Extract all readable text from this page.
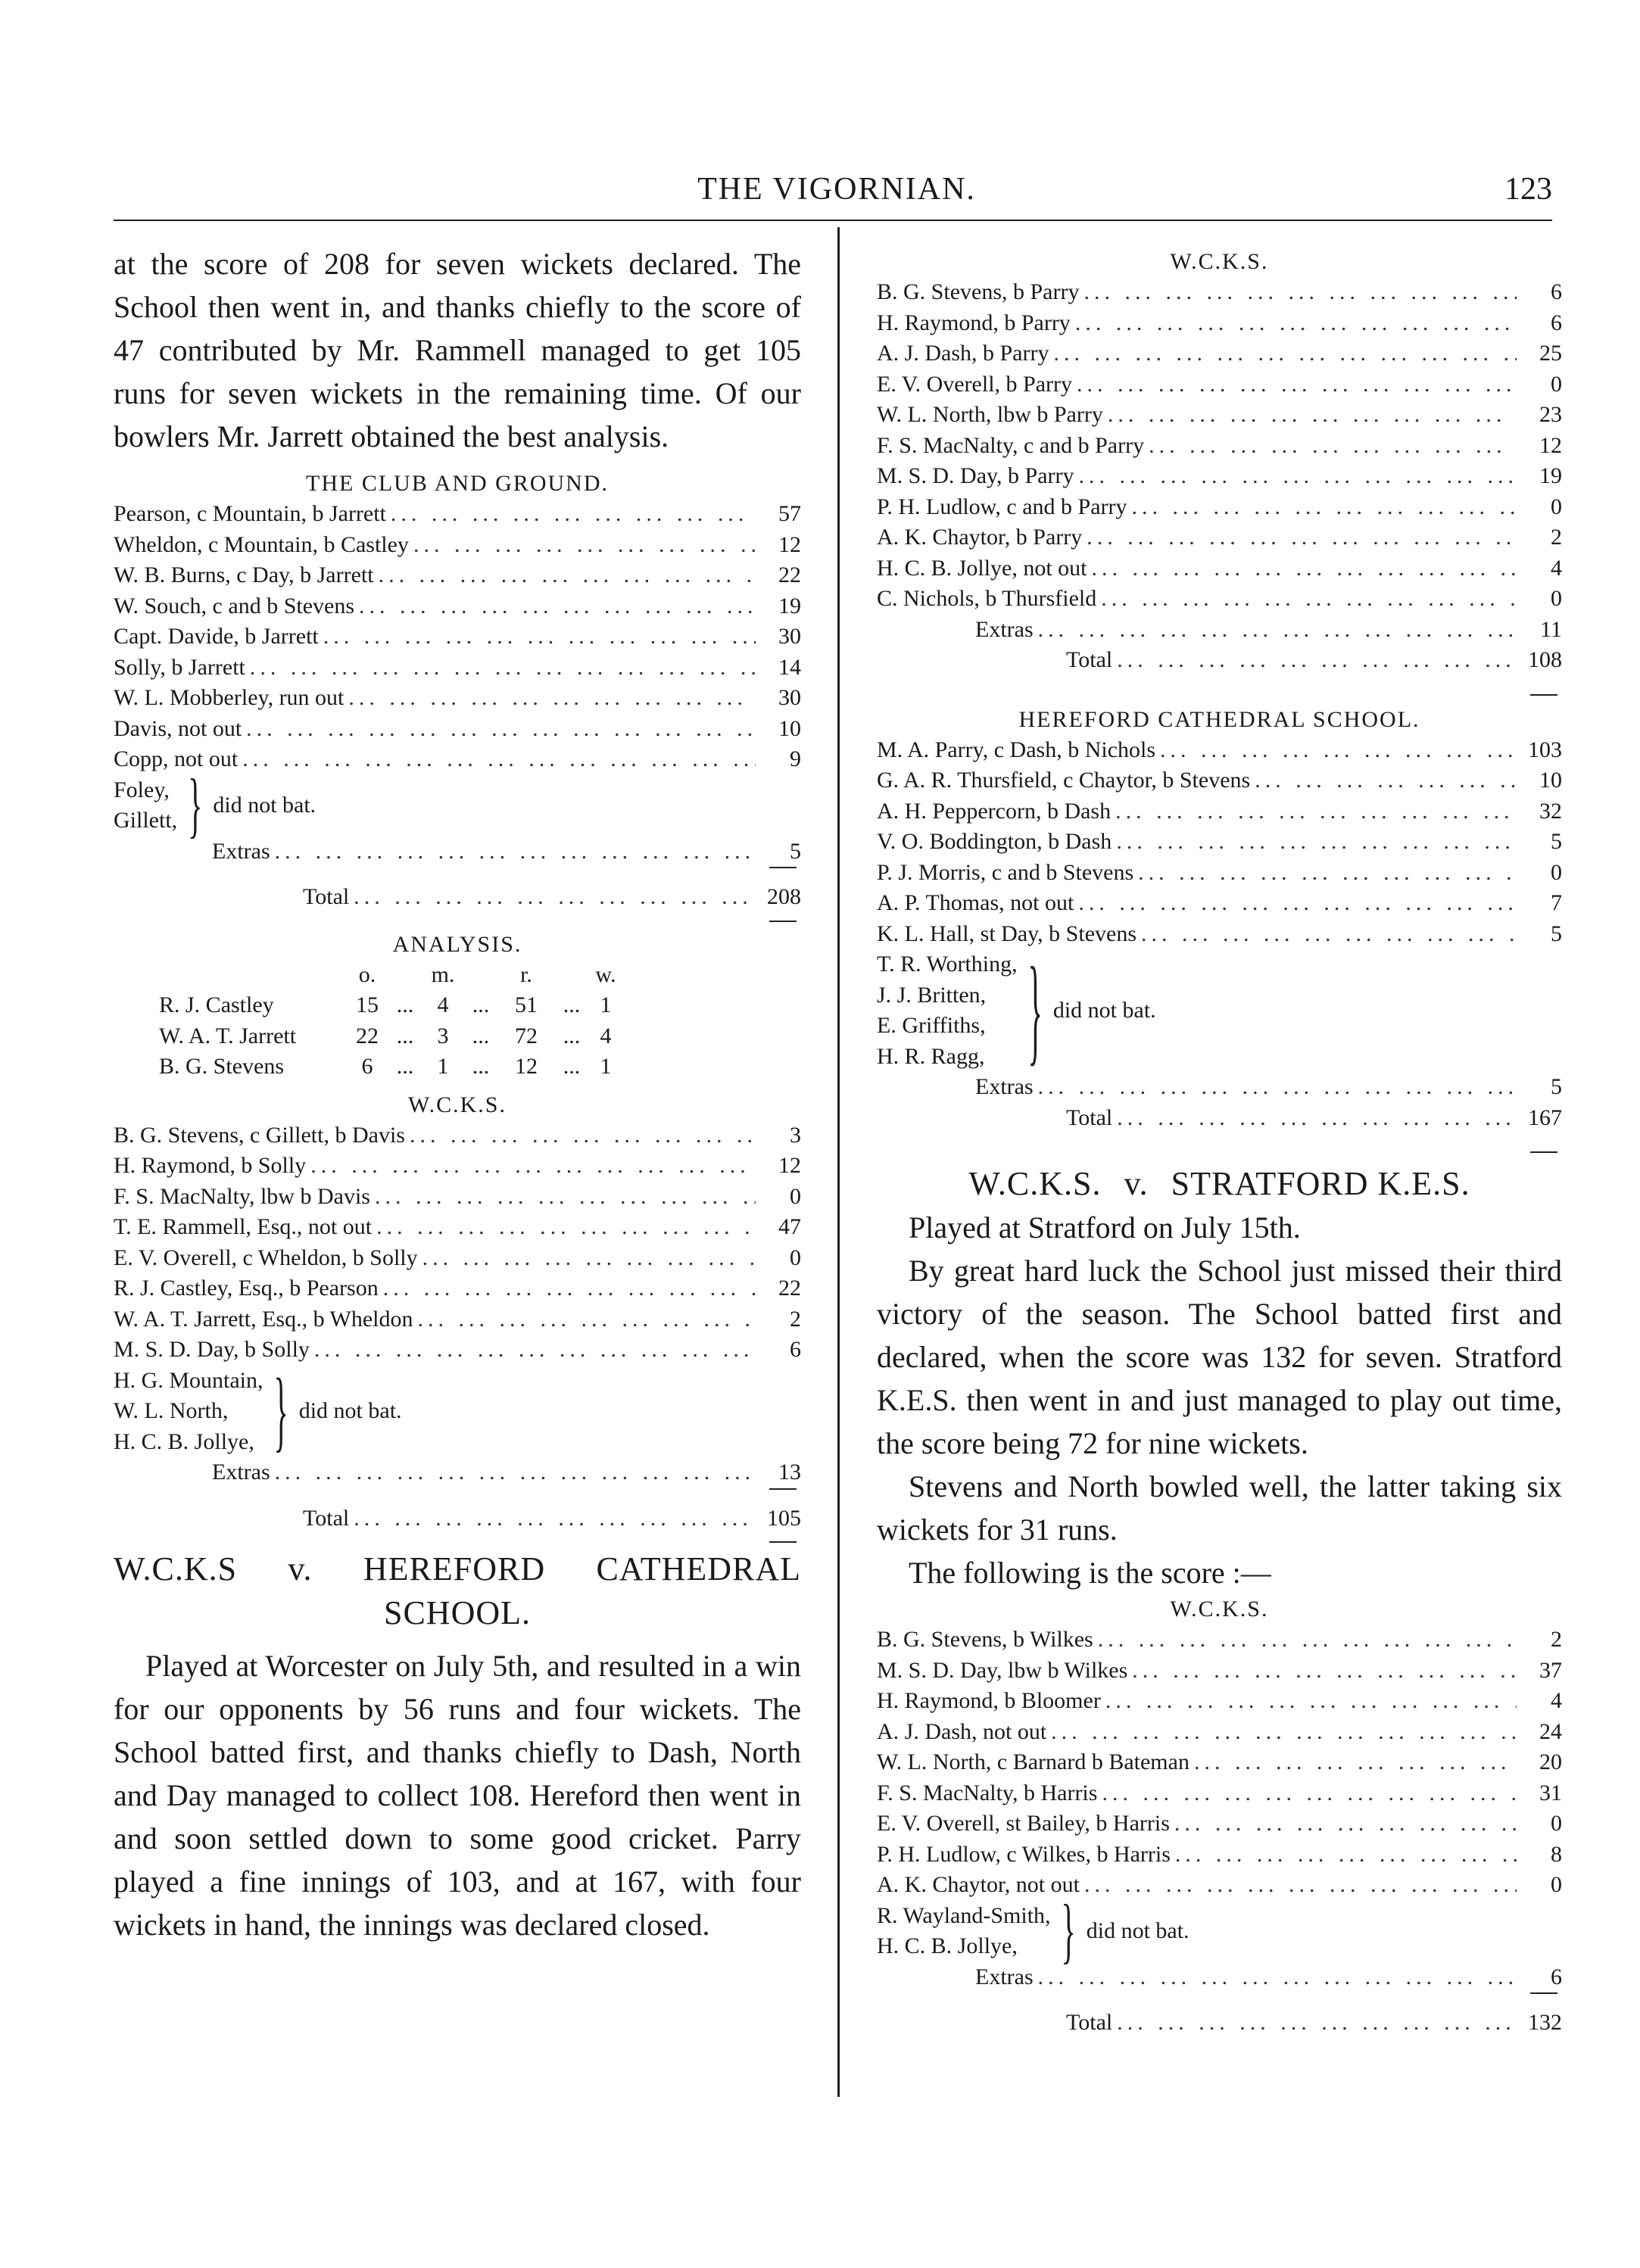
THE VIGORNIAN.	123

at the score of 208 for seven wickets declared. The School then went in, and thanks chiefly to the score of 47 contributed by Mr. Rammell managed to get 105 runs for seven wickets in the remaining time. Of our bowlers Mr. Jarrett obtained the best analysis.

THE CLUB AND GROUND.

Pearson, c Mountain, b Jarrett ... .	57
Wheldon, c Mountain, b Castley ... .	12
W. B. Burns, c Day, b Jarrett ... .	22
W. Souch, c and b Stevens ... .	19
Capt. Davide, b Jarrett ... .	30
Solly, b Jarrett ... .	14
W. L. Mobberley, run out ... .	30
Davis, not out ... .	10
Copp, not out ... .	9
Foley,
Gillett, } did not bat.
Extras ... .	5
Total ... .	208

ANALYSIS.

o.	m.	r.	w.
R. J. Castley	15 ...	4	...	51	... 1
W. A. T. Jarrett	22 ...	3	...	72	... 4
B. G. Stevens	6	...	1	...	12	... 1

W.C.K.S.

B. G. Stevens, c Gillett, b Davis ... .	3
H. Raymond, b Solly ... .	12
F. S. MacNalty, lbw b Davis ... .	0
T. E. Rammell, Esq., not out ... .	47
E. V. Overell, c Wheldon, b Solly ... .	0
R. J. Castley, Esq., b Pearson ... .	22
W. A. T. Jarrett, Esq., b Wheldon ... .	2
M. S. D. Day, b Solly ... .	6
H. G. Mountain,
W. L. North,
H. C. B. Jollye, } did not bat.
Extras ... .	13
Total ... .	105

W.C.K.S v. HEREFORD CATHEDRAL

SCHOOL.

Played at Worcester on July 5th, and resulted in a win for our opponents by 56 runs and four wickets. The School batted first, and thanks chiefly to Dash, North and Day managed to collect 108. Hereford then went in and soon settled down to some good cricket. Parry played a fine innings of 103, and at 167, with four wickets in hand, the innings was declared closed.

W.C.K.S.

B. G. Stevens, b Parry ... .	6
H. Raymond, b Parry ... .	6
A. J. Dash, b Parry ... .	25
E. V. Overell, b Parry ... .	0
W. L. North, lbw b Parry ... .	23
F. S. MacNalty, c and b Parry ... .	12
M. S. D. Day, b Parry ... .	19
P. H. Ludlow, c and b Parry ... .	0
A. K. Chaytor, b Parry ... .	2
H. C. B. Jollye, not out ... .	4
C. Nichols, b Thursfield ... .	0
Extras ... .	11
Total ... .	108

HEREFORD CATHEDRAL SCHOOL.

M. A. Parry, c Dash, b Nichols ... .	103
G. A. R. Thursfield, c Chaytor, b Stevens ... .	10
A. H. Peppercorn, b Dash ... .	32
V. O. Boddington, b Dash ... .	5
P. J. Morris, c and b Stevens ... .	0
A. P. Thomas, not out ... .	7
K. L. Hall, st Day, b Stevens ... .	5
T. R. Worthing,
J. J. Britten,
E. Griffiths,
H. R. Ragg,	} did not bat.
Extras ... .	5
Total ... .	167

W.C.K.S. v. STRATFORD K.E.S.

Played at Stratford on July 15th.

By great hard luck the School just missed their third victory of the season. The School batted first and declared, when the score was 132 for seven. Stratford K.E.S. then went in and just managed to play out time, the score being 72 for nine wickets.

Stevens and North bowled well, the latter taking six wickets for 31 runs.

The following is the score :—

W.C.K.S.

B. G. Stevens, b Wilkes ... .	2
M. S. D. Day, lbw b Wilkes ... .	37
H. Raymond, b Bloomer ... .	4
A. J. Dash, not out ... .	24
W. L. North, c Barnard b Bateman ... .	20
F. S. MacNalty, b Harris ... .	31
E. V. Overell, st Bailey, b Harris ... .	0
P. H. Ludlow, c Wilkes, b Harris ... .	8
A. K. Chaytor, not out ... .	0
R. Wayland-Smith,
H. C. B. Jollye,	} did not bat.
Extras ... .	6
Total ... .	132
